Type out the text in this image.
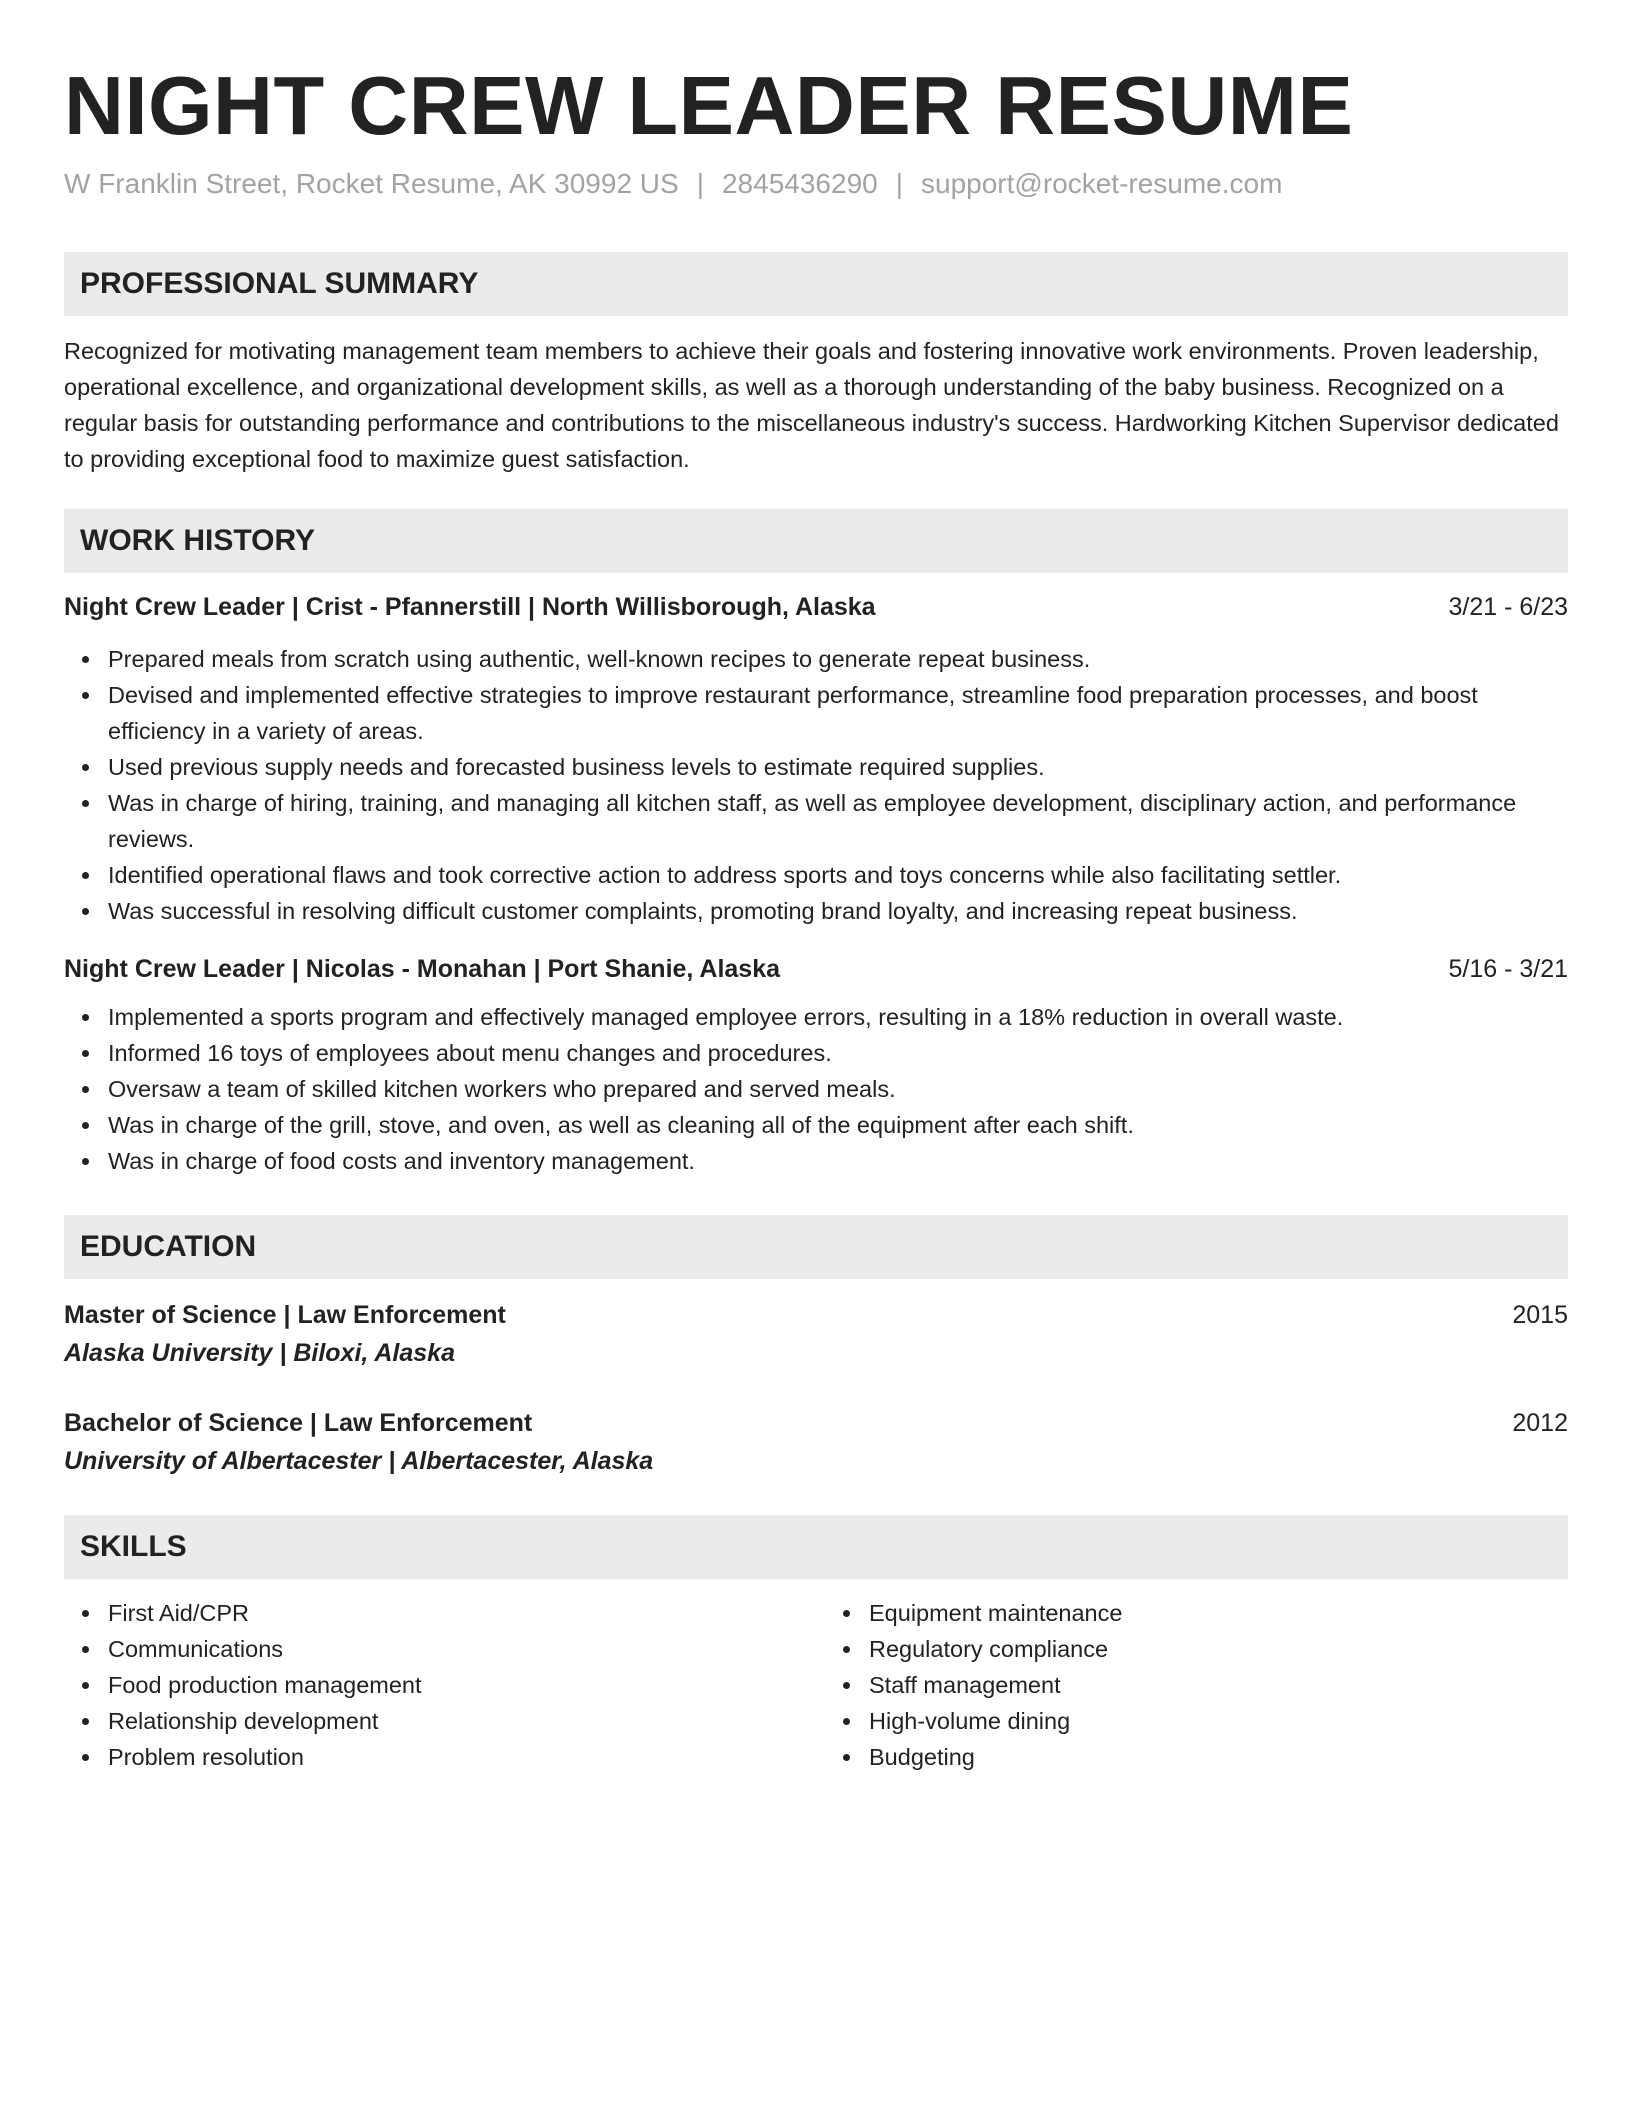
NIGHT CREW LEADER RESUME
W Franklin Street, Rocket Resume, AK 30992 US | 2845436290 | support@rocket-resume.com
PROFESSIONAL SUMMARY

Recognized for motivating management team members to achieve their goals and fostering innovative work environments. Proven leadership, operational excellence, and organizational development skills, as well as a thorough understanding of the baby business. Recognized on a regular basis for outstanding performance and contributions to the miscellaneous industry's success. Hardworking Kitchen Supervisor dedicated to providing exceptional food to maximize guest satisfaction.

WORK HISTORY
Night Crew Leader | Crist - Pfannerstill | North Willisborough, Alaska	3/21 - 6/23
Prepared meals from scratch using authentic, well-known recipes to generate repeat business.
Devised and implemented effective strategies to improve restaurant performance, streamline food preparation processes, and boost efficiency in a variety of areas.
Used previous supply needs and forecasted business levels to estimate required supplies.
Was in charge of hiring, training, and managing all kitchen staff, as well as employee development, disciplinary action, and performance reviews.
Identified operational flaws and took corrective action to address sports and toys concerns while also facilitating settler.
Was successful in resolving difficult customer complaints, promoting brand loyalty, and increasing repeat business.
Night Crew Leader | Nicolas - Monahan | Port Shanie, Alaska	5/16 - 3/21
Implemented a sports program and effectively managed employee errors, resulting in a 18% reduction in overall waste.
Informed 16 toys of employees about menu changes and procedures.
Oversaw a team of skilled kitchen workers who prepared and served meals.
Was in charge of the grill, stove, and oven, as well as cleaning all of the equipment after each shift.
Was in charge of food costs and inventory management.
EDUCATION
Master of Science | Law Enforcement	2015
Alaska University | Biloxi, Alaska
Bachelor of Science | Law Enforcement	2012
University of Albertacester | Albertacester, Alaska
SKILLS
First Aid/CPR
Communications
Food production management
Relationship development
Problem resolution
Equipment maintenance
Regulatory compliance
Staff management
High-volume dining
Budgeting
